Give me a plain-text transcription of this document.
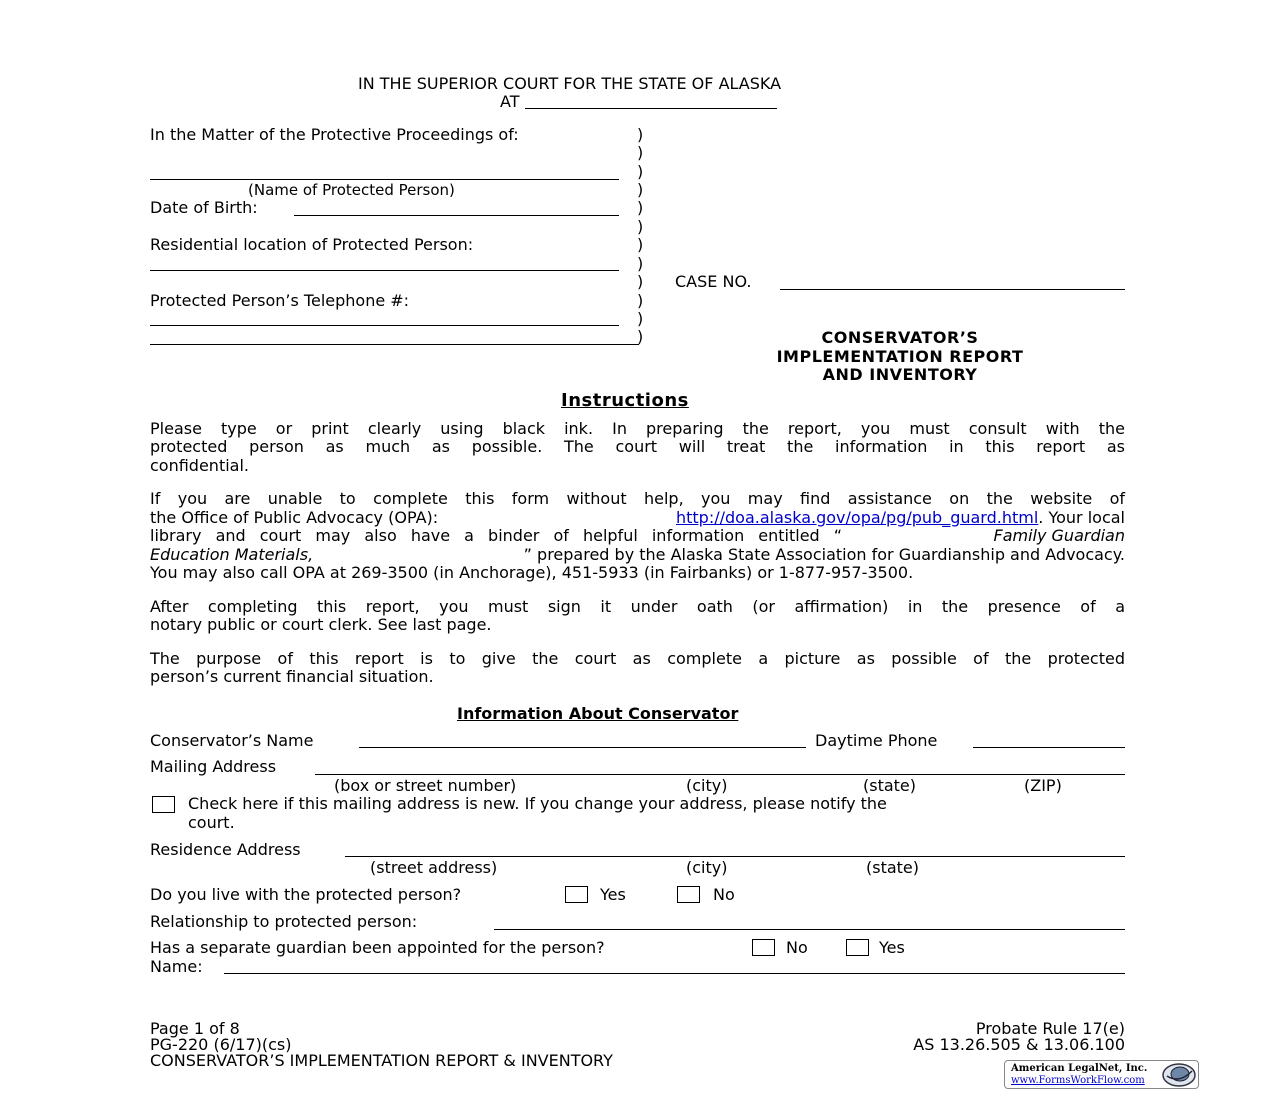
IN THE SUPERIOR COURT FOR THE STATE OF ALASKA
AT
In the Matter of the Protective Proceedings of:
(Name of Protected Person)
Date of Birth:
Residential location of Protected Person:
Protected Person’s Telephone #:
)
)
)
)
)
)
)
)
)
)
)
)
CASE NO.
CONSERVATOR’S
IMPLEMENTATION REPORT
AND INVENTORY
Instructions
Please type or print clearly using black ink. In preparing the report, you must consult with the
protected person as much as possible. The court will treat the information in this report as
confidential.
If you are unable to complete this form without help, you may find assistance on the website of
the Office of Public Advocacy (OPA):	http://doa.alaska.gov/opa/pg/pub_guard.html. Your local
library and court may also have a binder of helpful information entitled “	Family Guardian
Education Materials,	” prepared by the Alaska State Association for Guardianship and Advocacy.
You may also call OPA at 269-3500 (in Anchorage), 451-5933 (in Fairbanks) or 1-877-957-3500.
After completing this report, you must sign it under oath (or affirmation) in the presence of a
notary public or court clerk. See last page.
The purpose of this report is to give the court as complete a picture as possible of the protected
person’s current financial situation.
Information About Conservator
Conservator’s Name	Daytime Phone
Mailing Address
(box or street number)	(city)	(state)	(ZIP)
Check here if this mailing address is new. If you change your address, please notify the
court.
Residence Address
(street address)	(city)	(state)
Do you live with the protected person?	Yes	No
Relationship to protected person:
Has a separate guardian been appointed for the person?	No	Yes
Name:
Page 1 of 8
PG-220 (6/17)(cs)
CONSERVATOR’S IMPLEMENTATION REPORT & INVENTORY
Probate Rule 17(e)
AS 13.26.505 & 13.06.100
American LegalNet, Inc.
www.FormsWorkFlow.com
